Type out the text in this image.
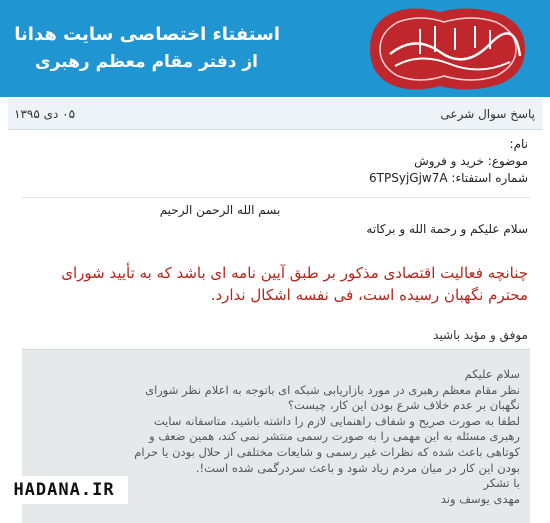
استفتاء اختصاصی سایت هدانا
از دفتر مقام معظم رهبری
پاسخ سوال شرعی
۰۵ دی ۱۳۹۵
نام:
موضوع: خرید و فروش
شماره استفتاء: 6TPSyjGjw7A
بسم الله الرحمن الرحیم
سلام علیکم و رحمة الله و برکاته
چنانچه فعالیت اقتصادی مذکور بر طبق آیین نامه ای باشد که به تأیید شورای محترم نگهبان رسیده است، فی نفسه اشکال ندارد.
موفق و مؤید باشید
سلام علیکم
نظر مقام معظم رهبری در مورد بازاریابی شبکه ای باتوجه به اعلام نظر شورای
نگهبان بر عدم خلاف شرع بودن این کار، چیست؟
لطفا به صورت صریح و شفاف راهنمایی لازم را داشته باشید، متاسفانه سایت
رهبری مسئله به این مهمی را به صورت رسمی منتشر نمی کند، همین ضعف و
کوتاهی باعث شده که نظرات غیر رسمی و شایعات مختلفی از حلال بودن یا حرام
بودن این کار در میان مردم زیاد شود و باعث سردرگمی شده است!.
با تشکر
مهدی یوسف وند
HADANA.IR
